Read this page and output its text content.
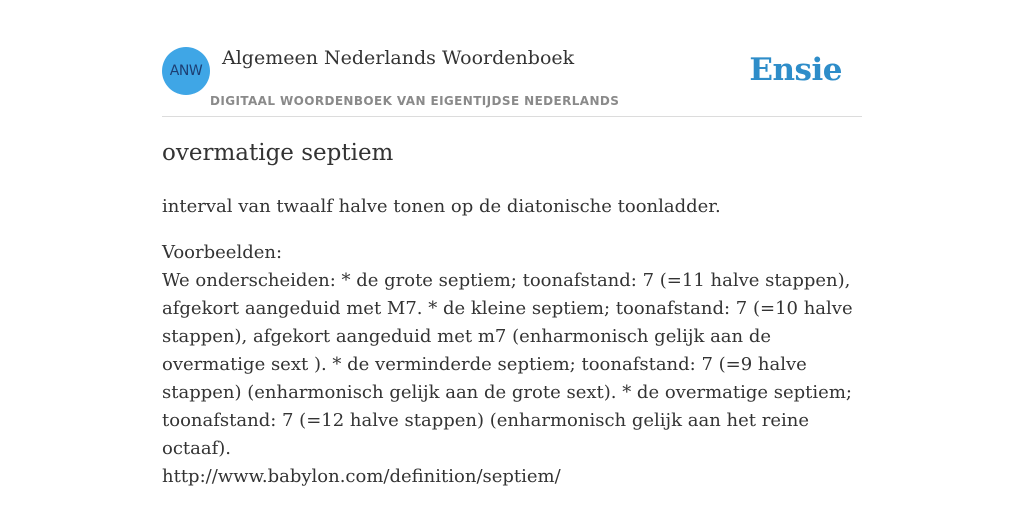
ANW
Algemeen Nederlands Woordenboek
DIGITAAL WOORDENBOEK VAN EIGENTIJDSE NEDERLANDS
Ensie
overmatige septiem

interval van twaalf halve tonen op de diatonische toonladder.

Voorbeelden:
We onderscheiden: * de grote septiem; toonafstand: 7 (=11 halve stappen), afgekort aangeduid met M7. * de kleine septiem; toonafstand: 7 (=10 halve stappen), afgekort aangeduid met m7 (enharmonisch gelijk aan de overmatige sext ). * de verminderde septiem; toonafstand: 7 (=9 halve stappen) (enharmonisch gelijk aan de grote sext). * de overmatige septiem; toonafstand: 7 (=12 halve stappen) (enharmonisch gelijk aan het reine octaaf).
http://www.babylon.com/definition/septiem/
